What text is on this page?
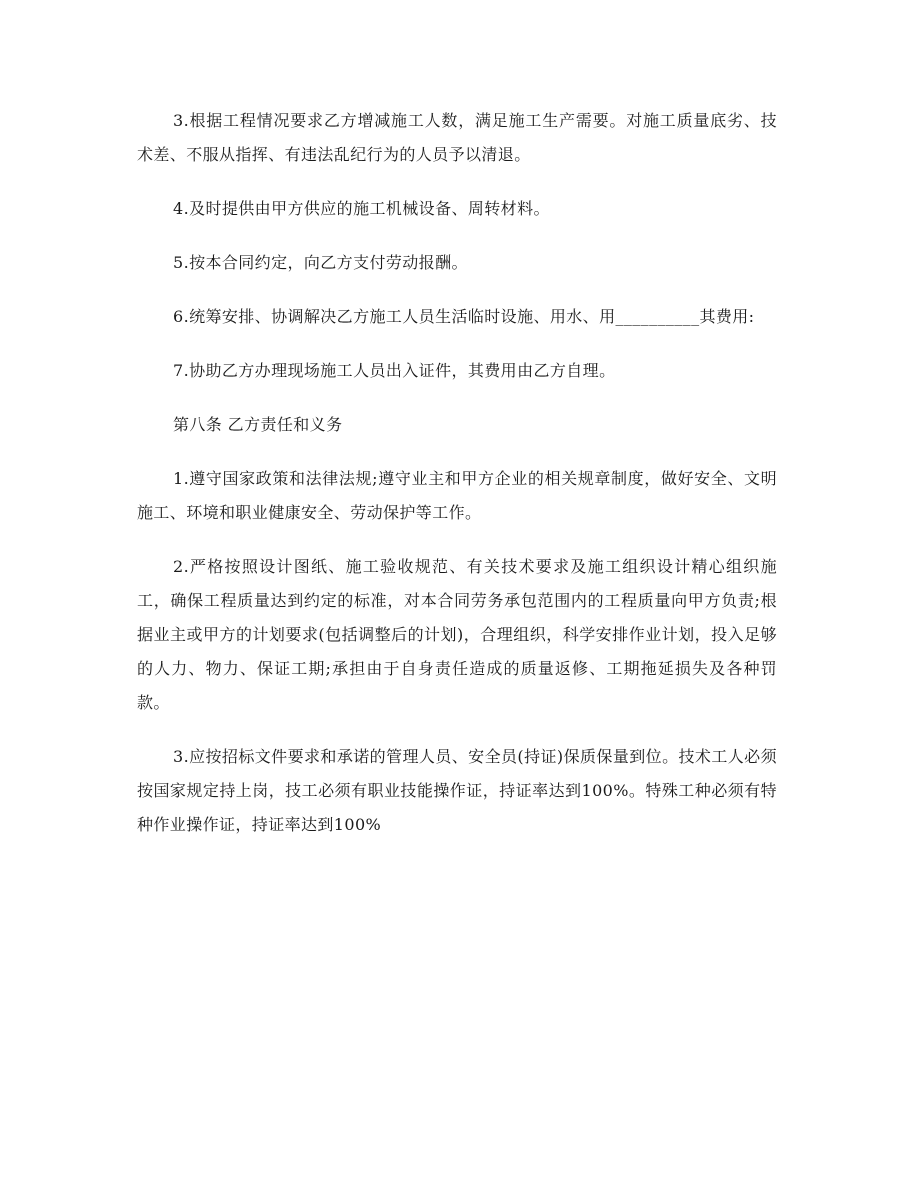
3.根据工程情况要求乙方增减施工人数，满足施工生产需要。对施工质量底劣、技术差、不服从指挥、有违法乱纪行为的人员予以清退。

4.及时提供由甲方供应的施工机械设备、周转材料。

5.按本合同约定，向乙方支付劳动报酬。

6.统筹安排、协调解决乙方施工人员生活临时设施、用水、用__________其费用:

7.协助乙方办理现场施工人员出入证件，其费用由乙方自理。

第八条 乙方责任和义务

1.遵守国家政策和法律法规;遵守业主和甲方企业的相关规章制度，做好安全、文明施工、环境和职业健康安全、劳动保护等工作。

2.严格按照设计图纸、施工验收规范、有关技术要求及施工组织设计精心组织施工，确保工程质量达到约定的标准，对本合同劳务承包范围内的工程质量向甲方负责;根据业主或甲方的计划要求(包括调整后的计划)，合理组织，科学安排作业计划，投入足够的人力、物力、保证工期;承担由于自身责任造成的质量返修、工期拖延损失及各种罚款。

3.应按招标文件要求和承诺的管理人员、安全员(持证)保质保量到位。技术工人必须按国家规定持上岗，技工必须有职业技能操作证，持证率达到100%。特殊工种必须有特种作业操作证，持证率达到100%
